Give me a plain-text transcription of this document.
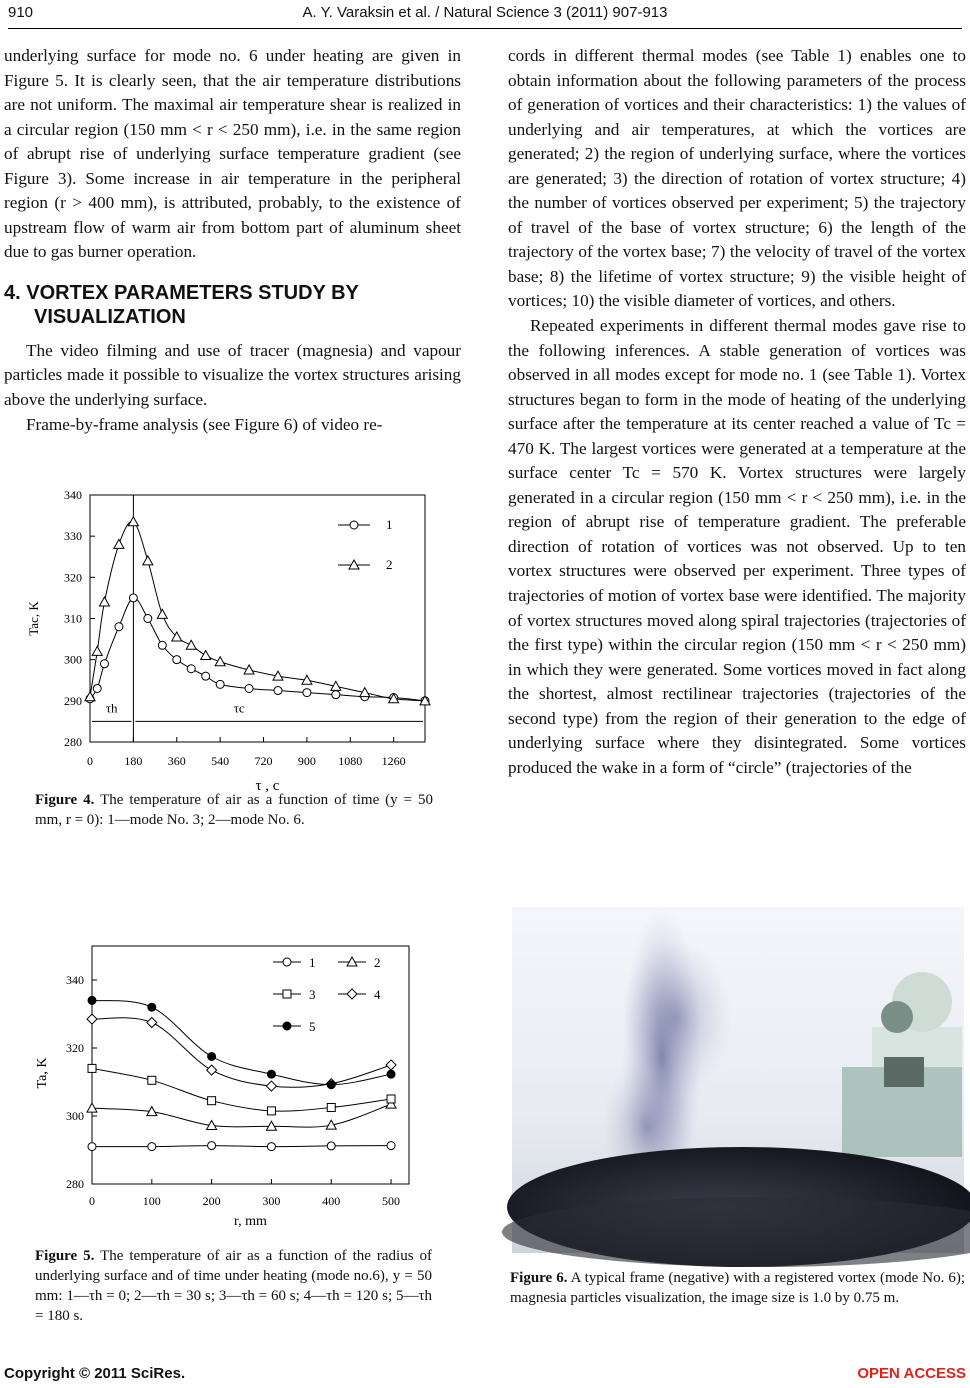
910	A. Y. Varaksin et al. / Natural Science 3 (2011) 907-913

underlying surface for mode no. 6 under heating are given in Figure 5. It is clearly seen, that the air temperature distributions are not uniform. The maximal air temperature shear is realized in a circular region (150 mm < r < 250 mm), i.e. in the same region of abrupt rise of underlying surface temperature gradient (see Figure 3). Some increase in air temperature in the peripheral region (r > 400 mm), is attributed, probably, to the existence of upstream flow of warm air from bottom part of aluminum sheet due to gas burner operation.

4. VORTEX PARAMETERS STUDY BY
VISUALIZATION

The video filming and use of tracer (magnesia) and vapour particles made it possible to visualize the vortex structures arising above the underlying surface.

Frame-by-frame analysis (see Figure 6) of video re-

cords in different thermal modes (see Table 1) enables one to obtain information about the following parameters of the process of generation of vortices and their characteristics: 1) the values of underlying and air temperatures, at which the vortices are generated; 2) the region of underlying surface, where the vortices are generated; 3) the direction of rotation of vortex structure; 4) the number of vortices observed per experiment; 5) the trajectory of travel of the base of vortex structure; 6) the length of the trajectory of the vortex base; 7) the velocity of travel of the vortex base; 8) the lifetime of vortex structure; 9) the visible height of vortices; 10) the visible diameter of vortices, and others.

Repeated experiments in different thermal modes gave rise to the following inferences. A stable generation of vortices was observed in all modes except for mode no. 1 (see Table 1). Vortex structures began to form in the mode of heating of the underlying surface after the temperature at its center reached a value of Tc = 470 K. The largest vortices were generated at a temperature at the surface center Tc = 570 K. Vortex structures were largely generated in a circular region (150 mm < r < 250 mm), i.e. in the region of abrupt rise of temperature gradient. The preferable direction of rotation of vortices was not observed. Up to ten vortex structures were observed per experiment. Three types of trajectories of motion of vortex base were identified. The majority of vortex structures moved along spiral trajectories (trajectories of the first type) within the circular region (150 mm < r < 250 mm) in which they were generated. Some vortices moved in fact along the shortest, almost rectilinear trajectories (trajectories of the second type) from the region of their generation to the edge of underlying surface where they disintegrated. Some vortices produced the wake in a form of “circle” (trajectories of the

280
290
300
310
320
330
340
0	180 360 540 720 900 1080 1260
τh	τc
Tac, K
τ , c
1
2
Figure 4. The temperature of air as a function of time (y = 50 mm, r = 0): 1—mode No. 3; 2—mode No. 6.
280
300
320
340
0	100	200	300	400	500
Ta, K
r, mm
1	2
3	4
5
Figure 5. The temperature of air as a function of the radius of underlying surface and of time under heating (mode no.6), y = 50 mm: 1—τh = 0; 2—τh = 30 s; 3—τh = 60 s; 4—τh = 120 s; 5—τh = 180 s.
Figure 6. A typical frame (negative) with a registered vortex (mode No. 6); magnesia particles visualization, the image size is 1.0 by 0.75 m.
Copyright © 2011 SciRes.	OPEN ACCESS
